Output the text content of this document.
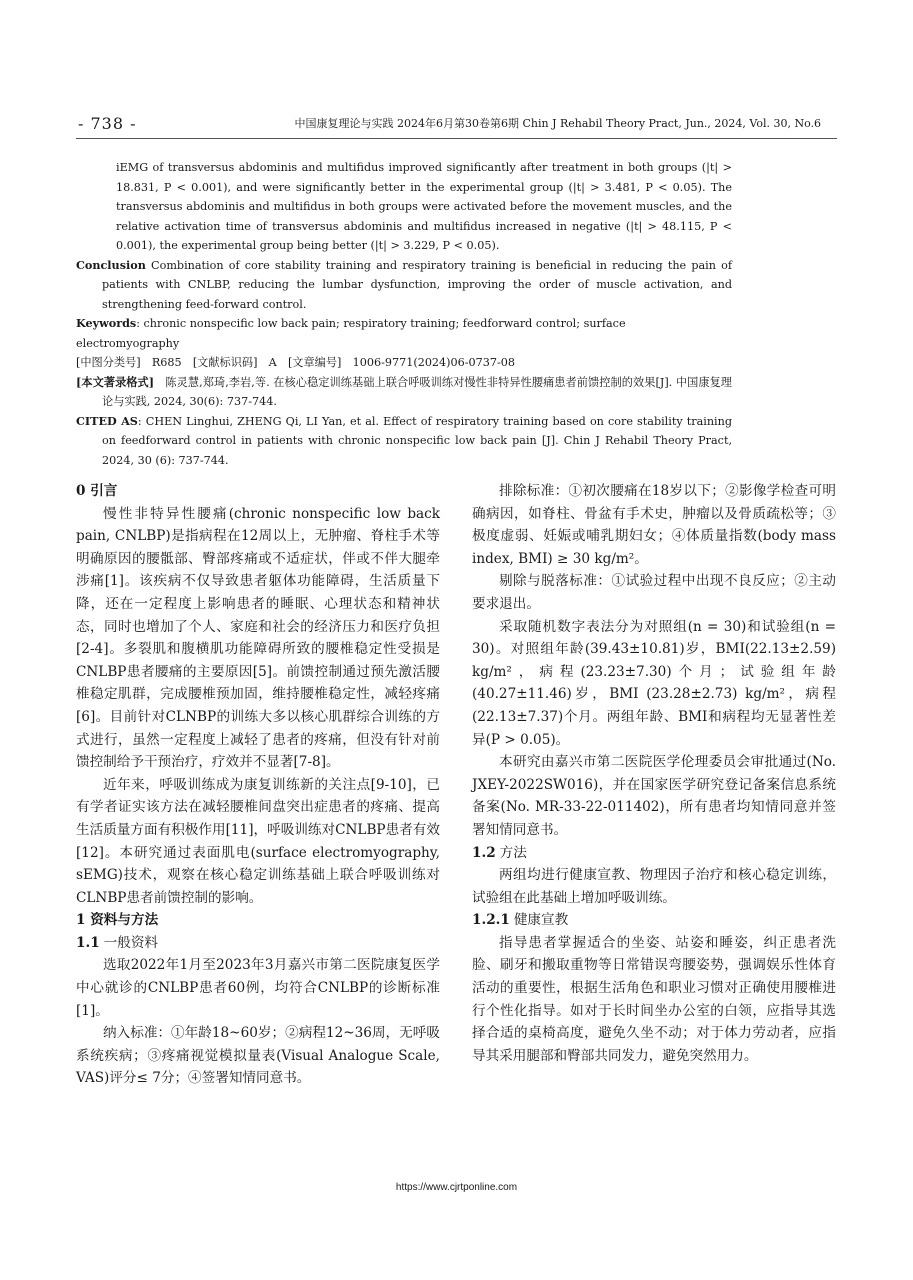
- 738 -	中国康复理论与实践 2024年6月第30卷第6期 Chin J Rehabil Theory Pract, Jun., 2024, Vol. 30, No.6

iEMG of transversus abdominis and multifidus improved significantly after treatment in both groups (|t| > 18.831, P < 0.001), and were significantly better in the experimental group (|t| > 3.481, P < 0.05). The transversus abdominis and multifidus in both groups were activated before the movement muscles, and the relative activation time of transversus abdominis and multifidus increased in negative (|t| > 48.115, P < 0.001), the experimental group being better (|t| > 3.229, P < 0.05).

Conclusion Combination of core stability training and respiratory training is beneficial in reducing the pain of patients with CNLBP, reducing the lumbar dysfunction, improving the order of muscle activation, and strengthening feed-forward control.

Keywords: chronic nonspecific low back pain; respiratory training; feedforward control; surface electromyography

[中图分类号]　R685　[文献标识码]　A　[文章编号]　1006-9771(2024)06-0737-08

[本文著录格式]　陈灵慧,郑琦,李岩,等. 在核心稳定训练基础上联合呼吸训练对慢性非特异性腰痛患者前馈控制的效果[J]. 中国康复理论与实践, 2024, 30(6): 737-744.

CITED AS: CHEN Linghui, ZHENG Qi, LI Yan, et al. Effect of respiratory training based on core stability training on feedforward control in patients with chronic nonspecific low back pain [J]. Chin J Rehabil Theory Pract, 2024, 30 (6): 737-744.

0 引言

慢性非特异性腰痛(chronic nonspecific low back pain, CNLBP)是指病程在12周以上，无肿瘤、脊柱手术等明确原因的腰骶部、臀部疼痛或不适症状，伴或不伴大腿牵涉痛[1]。该疾病不仅导致患者躯体功能障碍，生活质量下降，还在一定程度上影响患者的睡眠、心理状态和精神状态，同时也增加了个人、家庭和社会的经济压力和医疗负担[2-4]。多裂肌和腹横肌功能障碍所致的腰椎稳定性受损是CNLBP患者腰痛的主要原因[5]。前馈控制通过预先激活腰椎稳定肌群，完成腰椎预加固，维持腰椎稳定性，减轻疼痛[6]。目前针对CLNBP的训练大多以核心肌群综合训练的方式进行，虽然一定程度上减轻了患者的疼痛，但没有针对前馈控制给予干预治疗，疗效并不显著[7-8]。

近年来，呼吸训练成为康复训练新的关注点[9-10]，已有学者证实该方法在减轻腰椎间盘突出症患者的疼痛、提高生活质量方面有积极作用[11]，呼吸训练对CNLBP患者有效[12]。本研究通过表面肌电(surface electromyography, sEMG)技术，观察在核心稳定训练基础上联合呼吸训练对CLNBP患者前馈控制的影响。

1 资料与方法
1.1 一般资料

选取2022年1月至2023年3月嘉兴市第二医院康复医学中心就诊的CNLBP患者60例，均符合CNLBP的诊断标准[1]。

纳入标准：①年龄18~60岁；②病程12~36周，无呼吸系统疾病；③疼痛视觉模拟量表(Visual Analogue Scale, VAS)评分≤ 7分；④签署知情同意书。

排除标准：①初次腰痛在18岁以下；②影像学检查可明确病因，如脊柱、骨盆有手术史，肿瘤以及骨质疏松等；③极度虚弱、妊娠或哺乳期妇女；④体质量指数(body mass index, BMI) ≥ 30 kg/m²。

剔除与脱落标准：①试验过程中出现不良反应；②主动要求退出。

采取随机数字表法分为对照组(n = 30)和试验组(n = 30)。对照组年龄(39.43±10.81)岁，BMI(22.13±2.59) kg/m²，病程(23.23±7.30)个月；试验组年龄(40.27±11.46)岁，BMI (23.28±2.73) kg/m²，病程(22.13±7.37)个月。两组年龄、BMI和病程均无显著性差异(P > 0.05)。

本研究由嘉兴市第二医院医学伦理委员会审批通过(No. JXEY-2022SW016)，并在国家医学研究登记备案信息系统备案(No. MR-33-22-011402)，所有患者均知情同意并签署知情同意书。

1.2 方法

两组均进行健康宣教、物理因子治疗和核心稳定训练，试验组在此基础上增加呼吸训练。

1.2.1 健康宣教

指导患者掌握适合的坐姿、站姿和睡姿，纠正患者洗脸、刷牙和搬取重物等日常错误弯腰姿势，强调娱乐性体育活动的重要性，根据生活角色和职业习惯对正确使用腰椎进行个性化指导。如对于长时间坐办公室的白领，应指导其选择合适的桌椅高度，避免久坐不动；对于体力劳动者，应指导其采用腿部和臀部共同发力，避免突然用力。

https://www.cjrtponline.com
